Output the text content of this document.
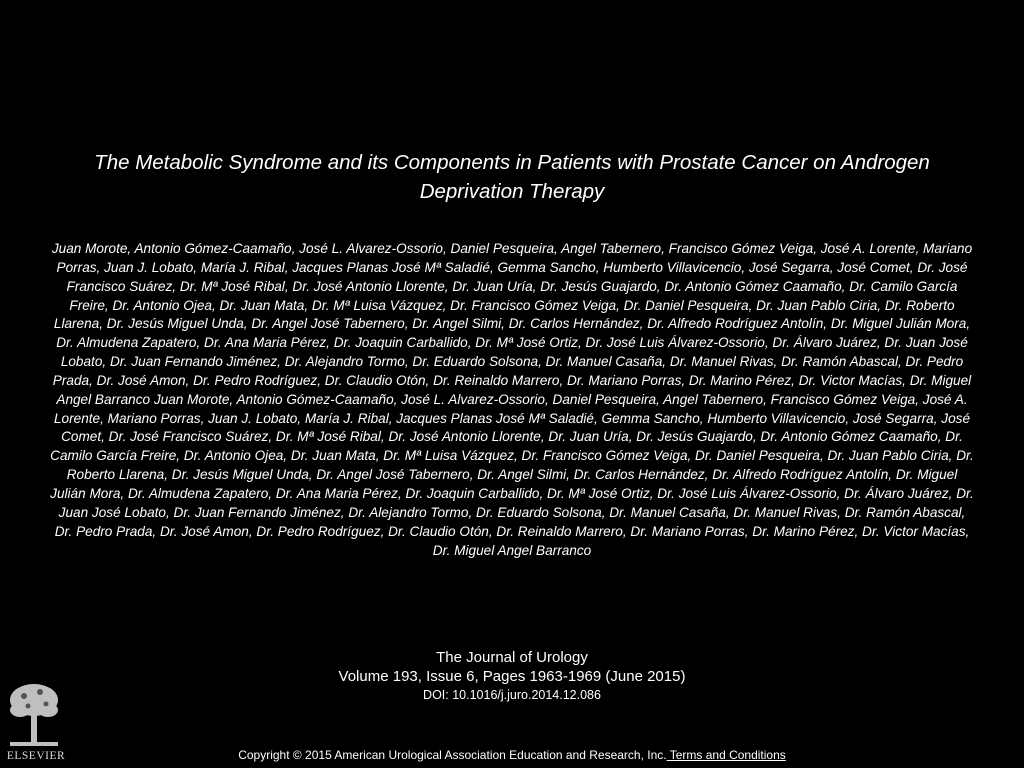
The Metabolic Syndrome and its Components in Patients with Prostate Cancer on Androgen Deprivation Therapy
Juan Morote, Antonio Gómez-Caamaño, José L. Alvarez-Ossorio, Daniel Pesqueira, Angel Tabernero, Francisco Gómez Veiga, José A. Lorente, Mariano Porras, Juan J. Lobato, María J. Ribal, Jacques Planas José Mª Saladié, Gemma Sancho, Humberto Villavicencio, José Segarra, José Comet, Dr. José Francisco Suárez, Dr. Mª José Ribal, Dr. José Antonio Llorente, Dr. Juan Uría, Dr. Jesús Guajardo, Dr. Antonio Gómez Caamaño, Dr. Camilo García Freire, Dr. Antonio Ojea, Dr. Juan Mata, Dr. Mª Luisa Vázquez, Dr. Francisco Gómez Veiga, Dr. Daniel Pesqueira, Dr. Juan Pablo Ciria, Dr. Roberto Llarena, Dr. Jesús Miguel Unda, Dr. Angel José Tabernero, Dr. Angel Silmi, Dr. Carlos Hernández, Dr. Alfredo Rodríguez Antolín, Dr. Miguel Julián Mora, Dr. Almudena Zapatero, Dr. Ana Maria Pérez, Dr. Joaquin Carballido, Dr. Mª José Ortiz, Dr. José Luis Álvarez-Ossorio, Dr. Álvaro Juárez, Dr. Juan José Lobato, Dr. Juan Fernando Jiménez, Dr. Alejandro Tormo, Dr. Eduardo Solsona, Dr. Manuel Casaña, Dr. Manuel Rivas, Dr. Ramón Abascal, Dr. Pedro Prada, Dr. José Amon, Dr. Pedro Rodríguez, Dr. Claudio Otón, Dr. Reinaldo Marrero, Dr. Mariano Porras, Dr. Marino Pérez, Dr. Victor Macías, Dr. Miguel Angel Barranco Juan Morote, Antonio Gómez-Caamaño, José L. Alvarez-Ossorio, Daniel Pesqueira, Angel Tabernero, Francisco Gómez Veiga, José A. Lorente, Mariano Porras, Juan J. Lobato, María J. Ribal, Jacques Planas José Mª Saladié, Gemma Sancho, Humberto Villavicencio, José Segarra, José Comet, Dr. José Francisco Suárez, Dr. Mª José Ribal, Dr. José Antonio Llorente, Dr. Juan Uría, Dr. Jesús Guajardo, Dr. Antonio Gómez Caamaño, Dr. Camilo García Freire, Dr. Antonio Ojea, Dr. Juan Mata, Dr. Mª Luisa Vázquez, Dr. Francisco Gómez Veiga, Dr. Daniel Pesqueira, Dr. Juan Pablo Ciria, Dr. Roberto Llarena, Dr. Jesús Miguel Unda, Dr. Angel José Tabernero, Dr. Angel Silmi, Dr. Carlos Hernández, Dr. Alfredo Rodríguez Antolín, Dr. Miguel Julián Mora, Dr. Almudena Zapatero, Dr. Ana Maria Pérez, Dr. Joaquin Carballido, Dr. Mª José Ortiz, Dr. José Luis Álvarez-Ossorio, Dr. Álvaro Juárez, Dr. Juan José Lobato, Dr. Juan Fernando Jiménez, Dr. Alejandro Tormo, Dr. Eduardo Solsona, Dr. Manuel Casaña, Dr. Manuel Rivas, Dr. Ramón Abascal, Dr. Pedro Prada, Dr. José Amon, Dr. Pedro Rodríguez, Dr. Claudio Otón, Dr. Reinaldo Marrero, Dr. Mariano Porras, Dr. Marino Pérez, Dr. Victor Macías, Dr. Miguel Angel Barranco
The Journal of Urology
Volume 193, Issue 6, Pages 1963-1969 (June 2015)
DOI: 10.1016/j.juro.2014.12.086
ELSEVIER	Copyright © 2015 American Urological Association Education and Research, Inc. Terms and Conditions
